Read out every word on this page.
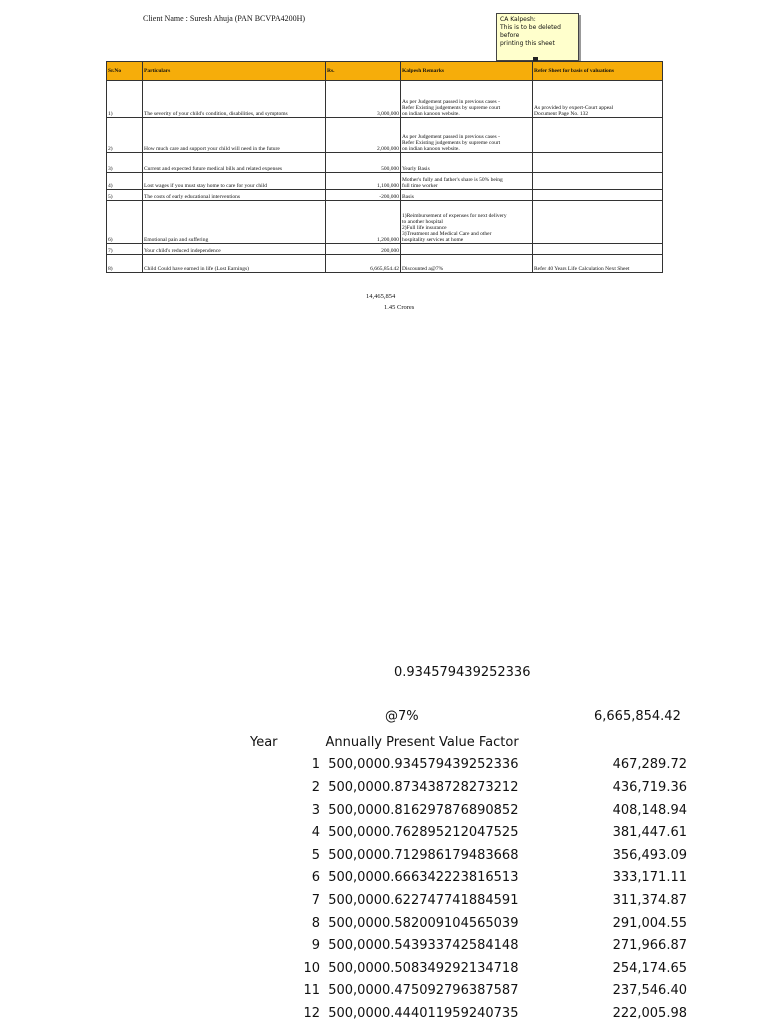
Client Name : Suresh Ahuja (PAN BCVPA4200H)	CA Kalpesh:
This is to be deleted before
printing this sheet
Sr.No	Particulars	Rs.	Kalpesh Remarks	Refer Sheet for basis of valuations
1)	The severity of your child's condition, disabilities, and symptoms	3,000,000	As per Judgement passed in previous cases -
Refer Existing judgements by supreme court
on indian kanoon website.	As provided by expert-Court appeal
Document Page No. 132
2)	How much care and support your child will need in the future	2,000,000	As per Judgement passed in previous cases -
Refer Existing judgements by supreme court
on indian kanoon website.	
3)	Current and expected future medical bills and related expenses	500,000	Yearly Basis	
4)	Lost wages if you must stay home to care for your child	1,100,000	Mother's fully and father's share is 50% being
full time worker	
5)	The costs of early educational interventions	-200,000	Basis	
6)	Emotional pain and suffering	1,200,000	1)Reimbursement of expenses for next delivery
to another hospital
2)Full life insurance
3)Treatment and Medical Care and other
hospitality services at home	
7)	Your child's reduced independence	200,000		
8)	Child Could have earned in life (Lost Earnings)	6,665,854.42	Discounted a@7%	Refer 40 Years Life Calculation Next Sheet
14,465,854
1.45 Crores
0.934579439252336
@7%	6,665,854.42
Year	Annually	Present Value Factor	
1	500,000	0.934579439252336	467,289.72
2	500,000	0.873438728273212	436,719.36
3	500,000	0.816297876890852	408,148.94
4	500,000	0.762895212047525	381,447.61
5	500,000	0.712986179483668	356,493.09
6	500,000	0.666342223816513	333,171.11
7	500,000	0.622747741884591	311,374.87
8	500,000	0.582009104565039	291,004.55
9	500,000	0.543933742584148	271,966.87
10	500,000	0.508349292134718	254,174.65
11	500,000	0.475092796387587	237,546.40
12	500,000	0.444011959240735	222,005.98
